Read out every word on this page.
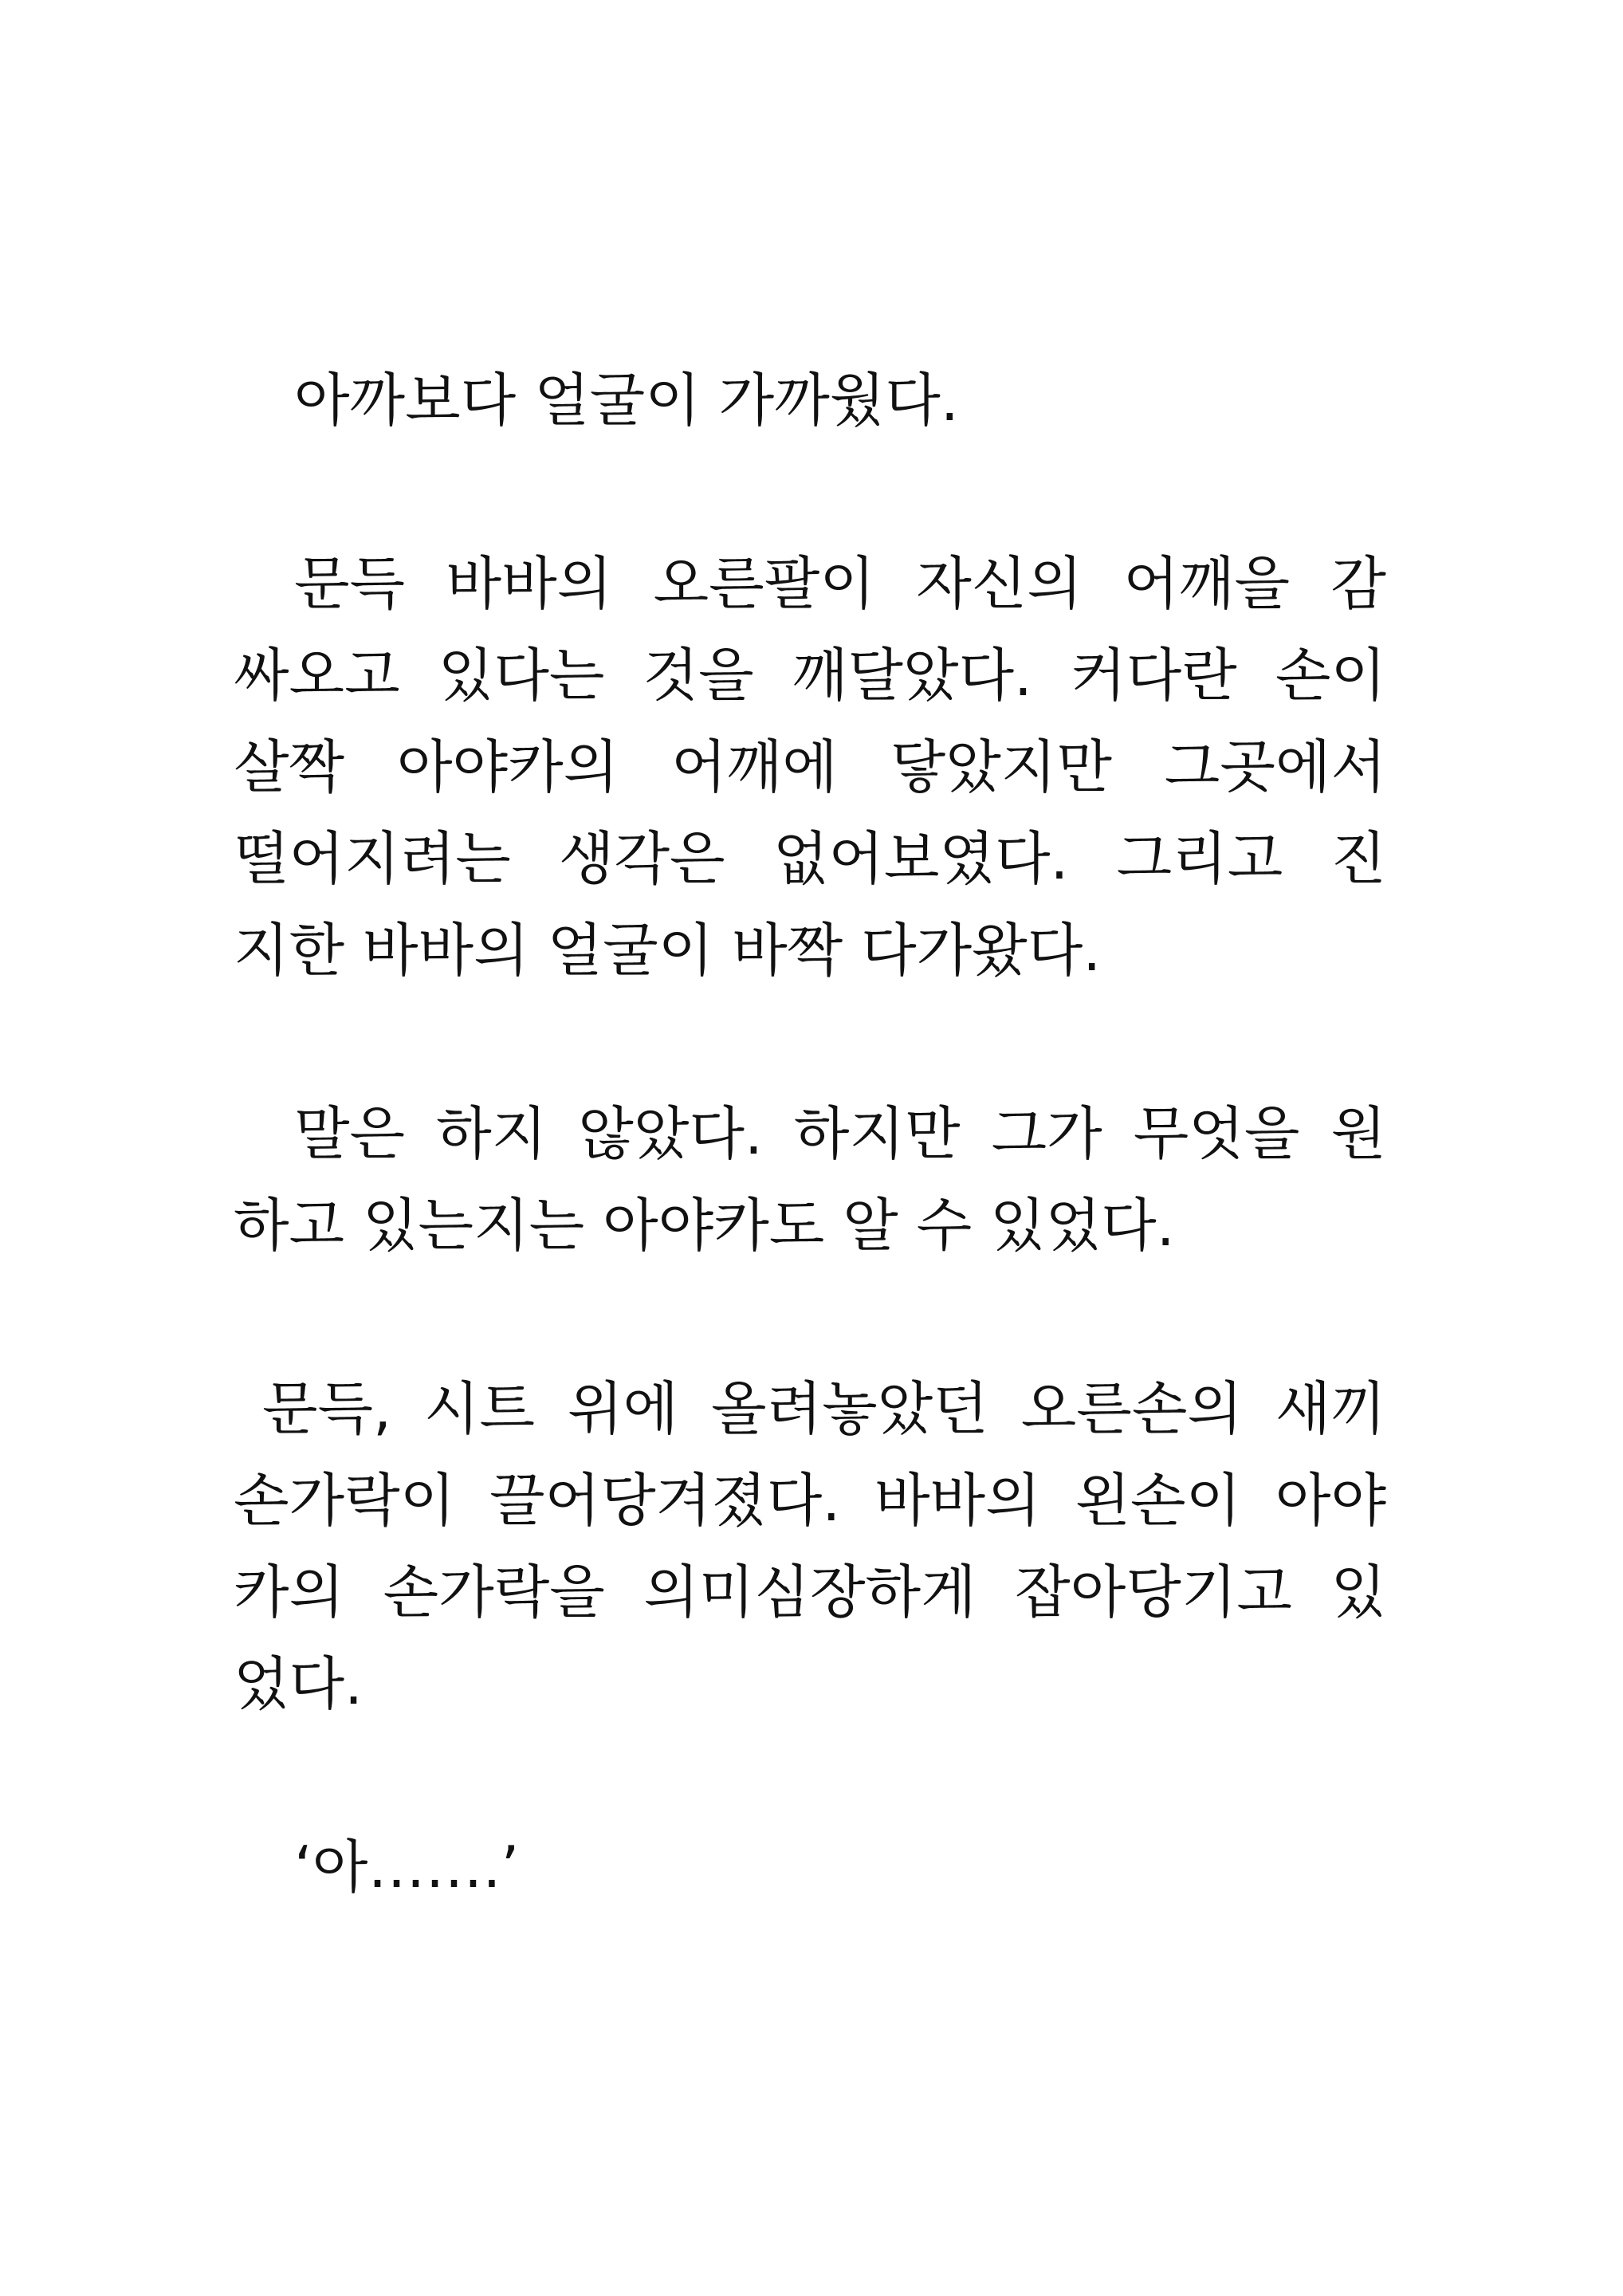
아까보다 얼굴이 가까웠다.
문득 바바의 오른팔이 자신의 어깨을 감
싸오고 있다는 것을 깨달았다. 커다란 손이
살짝 아야카의 어깨에 닿았지만 그곳에서
떨어지려는 생각은 없어보였다. 그리고 진
지한 바바의 얼굴이 바짝 다가왔다.
말은 하지 않았다. 하지만 그가 무엇을 원
하고 있는지는 아야카도 알 수 있었다.
문득, 시트 위에 올려놓았던 오른손의 새끼
손가락이 끌어당겨졌다. 바바의 왼손이 아야
카의 손가락을 의미심장하게 잡아당기고 있
었다.
‘아…….’
